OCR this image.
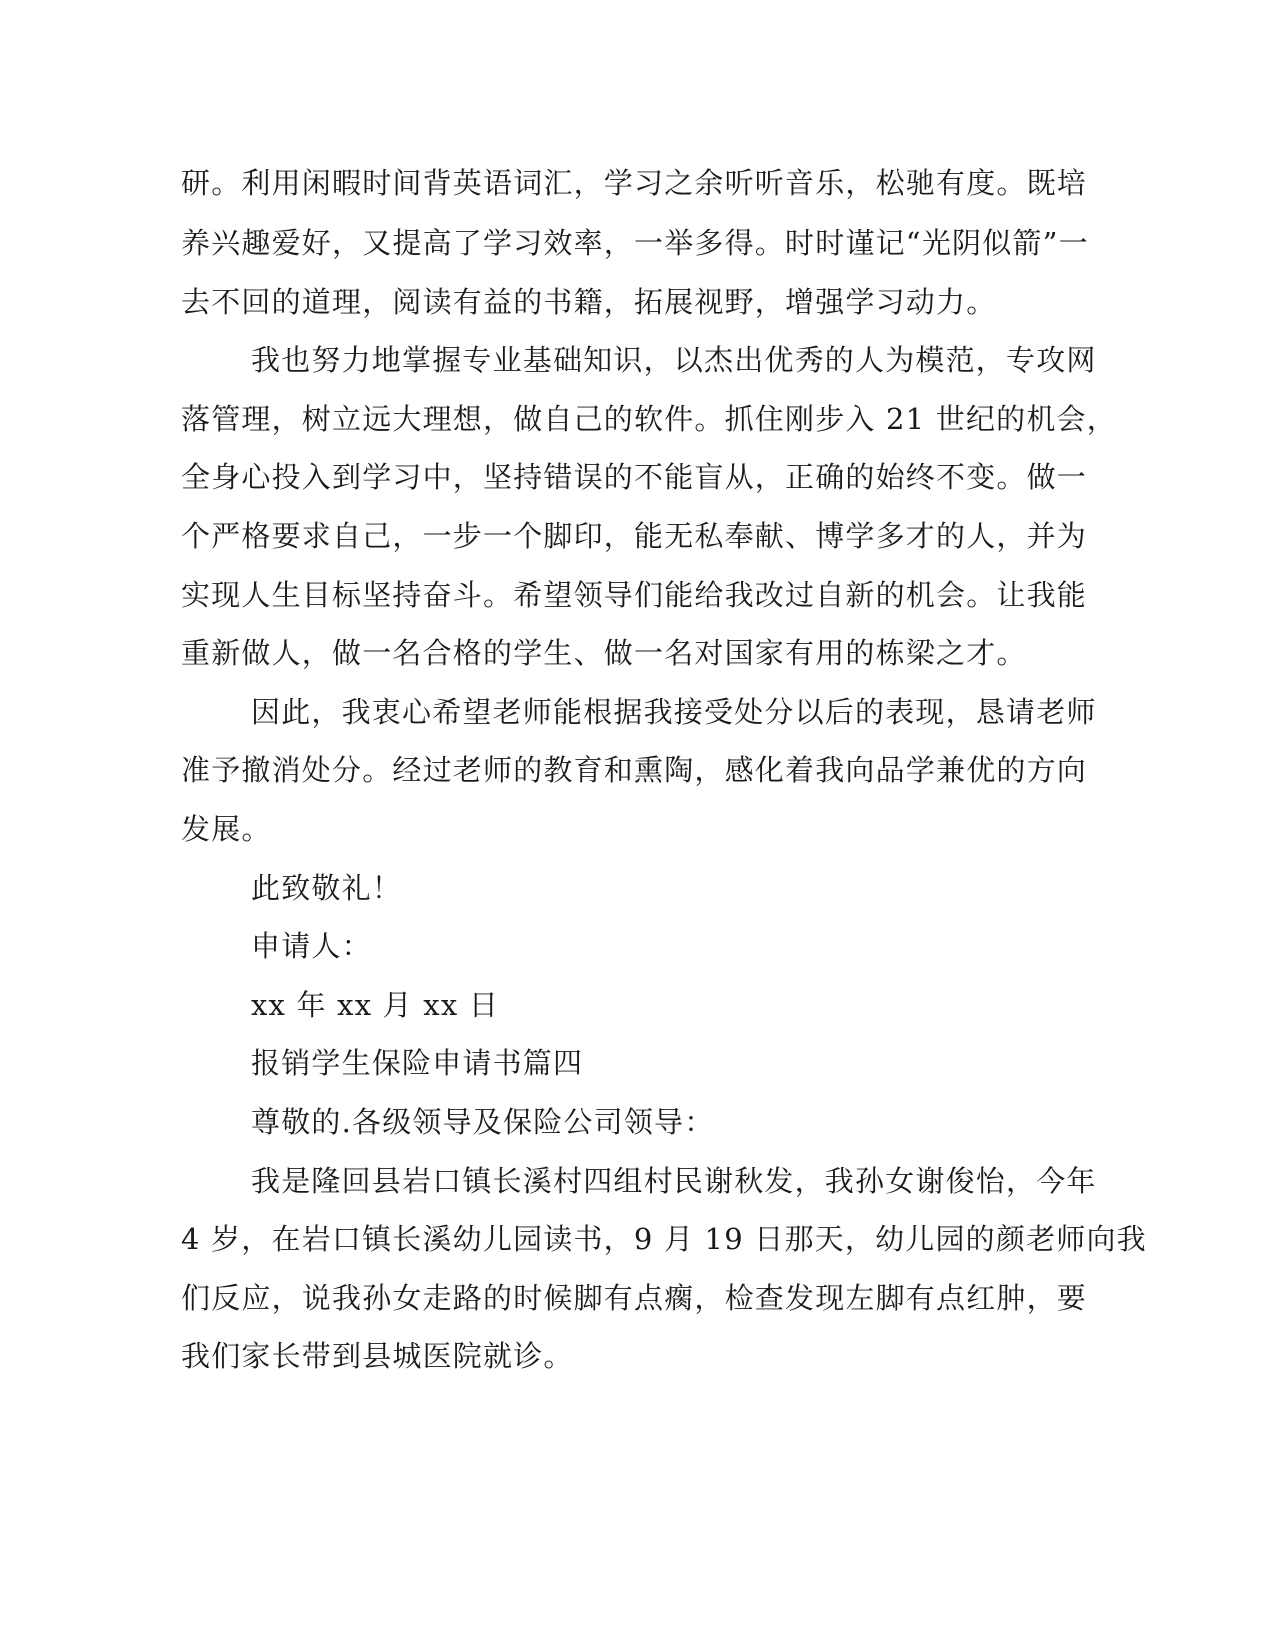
研。利用闲暇时间背英语词汇，学习之余听听音乐，松驰有度。既培

养兴趣爱好，又提高了学习效率，一举多得。时时谨记“光阴似箭”一

去不回的道理，阅读有益的书籍，拓展视野，增强学习动力。

我也努力地掌握专业基础知识，以杰出优秀的人为模范，专攻网

落管理，树立远大理想，做自己的软件。抓住刚步入 21 世纪的机会，

全身心投入到学习中，坚持错误的不能盲从，正确的始终不变。做一

个严格要求自己，一步一个脚印，能无私奉献、博学多才的人，并为

实现人生目标坚持奋斗。希望领导们能给我改过自新的机会。让我能

重新做人，做一名合格的学生、做一名对国家有用的栋梁之才。

因此，我衷心希望老师能根据我接受处分以后的表现，恳请老师

准予撤消处分。经过老师的教育和熏陶，感化着我向品学兼优的方向

发展。

此致敬礼！

申请人：

xx 年 xx 月 xx 日

报销学生保险申请书篇四

尊敬的.各级领导及保险公司领导：

我是隆回县岩口镇长溪村四组村民谢秋发，我孙女谢俊怡，今年

4 岁，在岩口镇长溪幼儿园读书，9 月 19 日那天，幼儿园的颜老师向我

们反应，说我孙女走路的时候脚有点瘸，检查发现左脚有点红肿，要

我们家长带到县城医院就诊。
